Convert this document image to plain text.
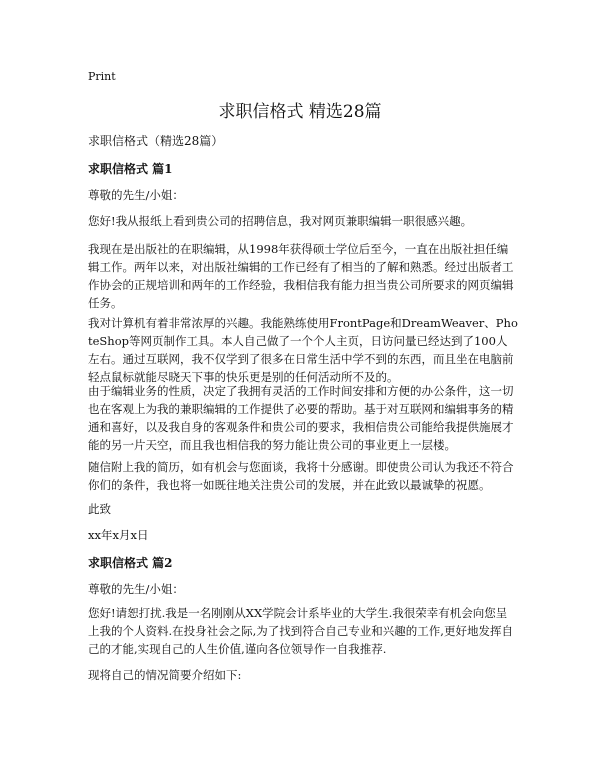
Print
求职信格式 精选28篇
求职信格式（精选28篇）
求职信格式 篇1
尊敬的先生/小姐：
您好!我从报纸上看到贵公司的招聘信息，我对网页兼职编辑一职很感兴趣。
我现在是出版社的在职编辑，从1998年获得硕士学位后至今，一直在出版社担任编辑工作。两年以来，对出版社编辑的工作已经有了相当的了解和熟悉。经过出版者工作协会的正规培训和两年的工作经验，我相信我有能力担当贵公司所要求的网页编辑任务。
我对计算机有着非常浓厚的兴趣。我能熟练使用FrontPage和DreamWeaver、PhoteShop等网页制作工具。本人自己做了一个个人主页，日访问量已经达到了100人左右。通过互联网，我不仅学到了很多在日常生活中学不到的东西，而且坐在电脑前轻点鼠标就能尽晓天下事的快乐更是别的任何活动所不及的。
由于编辑业务的性质，决定了我拥有灵活的工作时间安排和方便的办公条件，这一切也在客观上为我的兼职编辑的工作提供了必要的帮助。基于对互联网和编辑事务的精通和喜好，以及我自身的客观条件和贵公司的要求，我相信贵公司能给我提供施展才能的另一片天空，而且我也相信我的努力能让贵公司的事业更上一层楼。
随信附上我的简历，如有机会与您面谈，我将十分感谢。即使贵公司认为我还不符合你们的条件，我也将一如既往地关注贵公司的发展，并在此致以最诚挚的祝愿。
此致
xx年x月x日
求职信格式 篇2
尊敬的先生/小姐：
您好!请恕打扰.我是一名刚刚从XX学院会计系毕业的大学生.我很荣幸有机会向您呈上我的个人资料.在投身社会之际,为了找到符合自己专业和兴趣的工作,更好地发挥自己的才能,实现自己的人生价值,谨向各位领导作一自我推荐.
现将自己的情况简要介绍如下:
